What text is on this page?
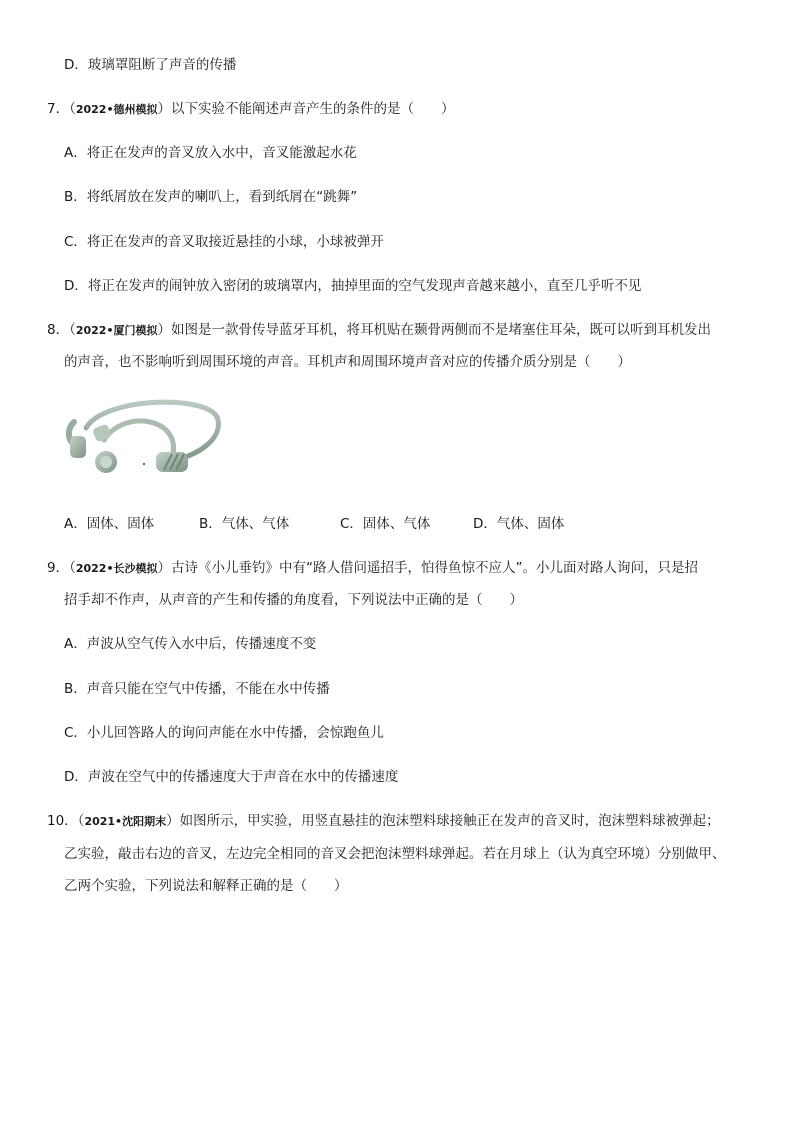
D．玻璃罩阻断了声音的传播
7．（2022•德州模拟）以下实验不能阐述声音产生的条件的是（　　）
A．将正在发声的音叉放入水中，音叉能激起水花
B．将纸屑放在发声的喇叭上，看到纸屑在“跳舞”
C．将正在发声的音叉取接近悬挂的小球，小球被弹开
D．将正在发声的闹钟放入密闭的玻璃罩内，抽掉里面的空气发现声音越来越小，直至几乎听不见
8．（2022•厦门模拟）如图是一款骨传导蓝牙耳机，将耳机贴在颞骨两侧而不是堵塞住耳朵，既可以听到耳机发出
的声音，也不影响听到周围环境的声音。耳机声和周围环境声音对应的传播介质分别是（　　）
A．固体、固体	B．气体、气体	C．固体、气体	D．气体、固体
9．（2022•长沙模拟）古诗《小儿垂钓》中有“路人借问遥招手，怕得鱼惊不应人”。小儿面对路人询问，只是招
招手却不作声，从声音的产生和传播的角度看，下列说法中正确的是（　　）
A．声波从空气传入水中后，传播速度不变
B．声音只能在空气中传播，不能在水中传播
C．小儿回答路人的询问声能在水中传播，会惊跑鱼儿
D．声波在空气中的传播速度大于声音在水中的传播速度
10．（2021•沈阳期末）如图所示，甲实验，用竖直悬挂的泡沫塑料球接触正在发声的音叉时，泡沫塑料球被弹起；
乙实验，敲击右边的音叉，左边完全相同的音叉会把泡沫塑料球弹起。若在月球上（认为真空环境）分别做甲、
乙两个实验，下列说法和解释正确的是（　　）
